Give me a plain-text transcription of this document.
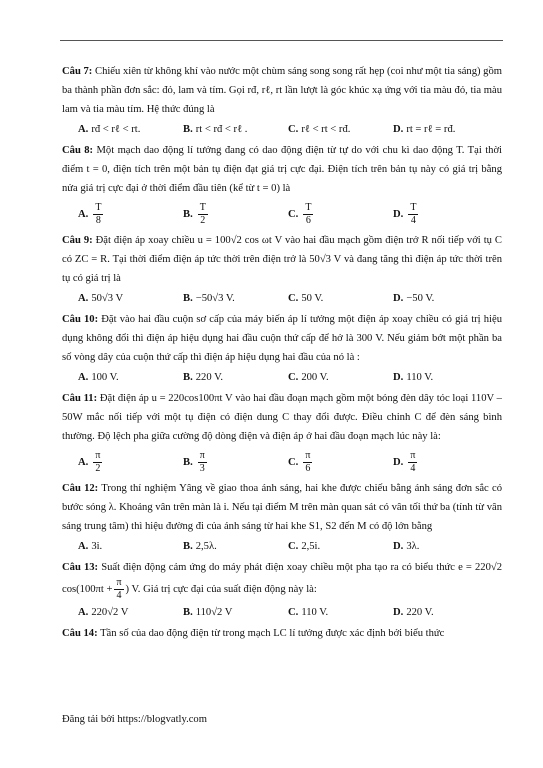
Câu 7: Chiếu xiên từ không khí vào nước một chùm sáng song song rất hẹp (coi như một tia sáng) gồm ba thành phần đơn sắc: đỏ, lam và tím. Gọi rđ, rℓ, rt lần lượt là góc khúc xạ ứng với tia màu đỏ, tia màu lam và tia màu tím. Hệ thức đúng là
A. rđ < rℓ < rt.	B. rt < rđ < rℓ .	C. rℓ < rt < rđ.	D. rt = rℓ = rđ.
Câu 8: Một mạch dao động lí tưởng đang có dao động điện từ tự do với chu kì dao động T. Tại thời điểm t = 0, điện tích trên một bản tụ điện đạt giá trị cực đại. Điện tích trên bản tụ này có giá trị bằng nửa giá trị cực đại ở thời điểm đầu tiên (kể từ t = 0) là
A. $\frac{T}{8}$	B. $\frac{T}{2}$	C. $\frac{T}{6}$	D. $\frac{T}{4}$
Câu 9: Đặt điện áp xoay chiều u = 100√2 cos ωt V vào hai đầu mạch gồm điện trở R nối tiếp với tụ C có ZC = R. Tại thời điểm điện áp tức thời trên điện trở là 50√3 V và đang tăng thì điện áp tức thời trên tụ có giá trị là
A. 50√3 V	B. −50√3 V.	C. 50 V.	D. −50 V.
Câu 10: Đặt vào hai đầu cuộn sơ cấp của máy biến áp lí tưởng một điện áp xoay chiều có giá trị hiệu dụng không đổi thì điện áp hiệu dụng hai đầu cuộn thứ cấp để hở là 300 V. Nếu giảm bớt một phần ba số vòng dây của cuộn thứ cấp thì điện áp hiệu dụng hai đầu của nó là :
A. 100 V.	B. 220 V.	C. 200 V.	D. 110 V.
Câu 11: Đặt điện áp u = 220cos100πt V vào hai đầu đoạn mạch gồm một bóng đèn dây tóc loại 110V – 50W mắc nối tiếp với một tụ điện có điện dung C thay đổi được. Điều chỉnh C để đèn sáng bình thường. Độ lệch pha giữa cường độ dòng điện và điện áp ở hai đầu đoạn mạch lúc này là:
A. $\frac{\pi}{2}$	B. $\frac{\pi}{3}$	C. $\frac{\pi}{6}$	D. $\frac{\pi}{4}$
Câu 12: Trong thí nghiệm Yâng về giao thoa ánh sáng, hai khe được chiếu bằng ánh sáng đơn sắc có bước sóng λ. Khoảng vân trên màn là i. Nếu tại điểm M trên màn quan sát có vân tối thứ ba (tính từ vân sáng trung tâm) thì hiệu đường đi của ánh sáng từ hai khe S1, S2 đến M có độ lớn bằng
A. 3i.	B. 2,5λ.	C. 2,5i.	D. 3λ.
Câu 13: Suất điện động cảm ứng do máy phát điện xoay chiều một pha tạo ra có biểu thức e = 220√2 $\cos(100\pi t + \frac{\pi}{4}$ ) V. Giá trị cực đại của suất điện động này là:
A. 220√2 V	B. 110√2 V	C. 110 V.	D. 220 V.
Câu 14: Tần số của dao động điện từ trong mạch LC lí tưởng được xác định bởi biểu thức
Đăng tải bởi https://blogvatly.com
